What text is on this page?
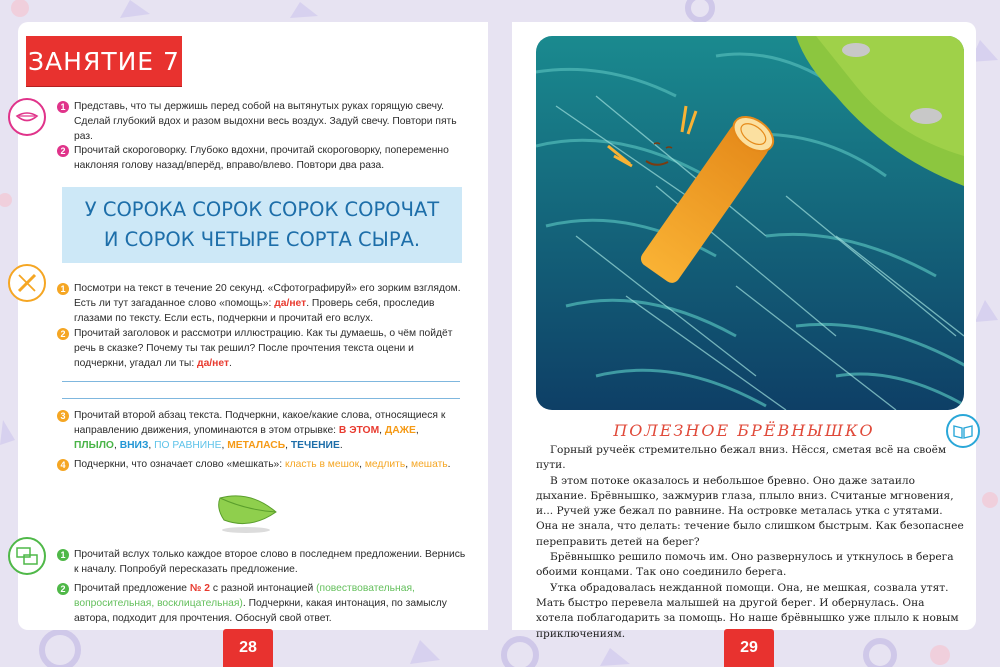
ЗАНЯТИЕ 7
1 Представь, что ты держишь перед собой на вытянутых руках горящую свечу. Сделай глубокий вдох и разом выдохни весь воздух. Задуй свечу. Повтори пять раз.
2 Прочитай скороговорку. Глубоко вдохни, прочитай скороговорку, попеременно наклоняя голову назад/вперёд, вправо/влево. Повтори два раза.
У СОРОКА СОРОК СОРОК СОРОЧАТ
И СОРОК ЧЕТЫРЕ СОРТА СЫРА.
1 Посмотри на текст в течение 20 секунд. «Сфотографируй» его зорким взглядом. Есть ли тут загаданное слово «помощь»: да/нет. Проверь себя, проследив глазами по тексту. Если есть, подчеркни и прочитай его вслух.
2 Прочитай заголовок и рассмотри иллюстрацию. Как ты думаешь, о чём пойдёт речь в сказке? Почему ты так решил? После прочтения текста оцени и подчеркни, угадал ли ты: да/нет.
3 Прочитай второй абзац текста. Подчеркни, какое/какие слова, относящиеся к направлению движения, упоминаются в этом отрывке: В ЭТОМ, ДАЖЕ,
ПЛЫЛО, ВНИЗ, ПО РАВНИНЕ, МЕТАЛАСЬ, ТЕЧЕНИЕ.
4 Подчеркни, что означает слово «мешкать»: класть в мешок, медлить, мешать.
1 Прочитай вслух только каждое второе слово в последнем предложении. Вернись к началу. Попробуй пересказать предложение.
2 Прочитай предложение № 2 с разной интонацией (повествовательная, вопросительная, восклицательная). Подчеркни, какая интонация, по замыслу автора, подходит для прочтения. Обоснуй свой ответ.
28
ПОЛЕЗНОЕ БРЁВНЫШКО

Горный ручеёк стремительно бежал вниз. Нёсся, сметая всё на своём пути.

В этом потоке оказалось и небольшое бревно. Оно даже затаило дыхание. Брёвнышко, зажмурив глаза, плыло вниз. Считаные мгновения, и... Ручей уже бежал по равнине. На островке металась утка с утятами. Она не знала, что делать: течение было слишком быстрым. Как безопаснее переправить детей на берег?

Брёвнышко решило помочь им. Оно развернулось и уткнулось в берега обоими концами. Так оно соединило берега.

Утка обрадовалась нежданной помощи. Она, не мешкая, созвала утят.

Мать быстро перевела малышей на другой берег. И обернулась. Она

хотела поблагодарить за помощь. Но наше брёвнышко уже плыло к новым приключениям.

29
